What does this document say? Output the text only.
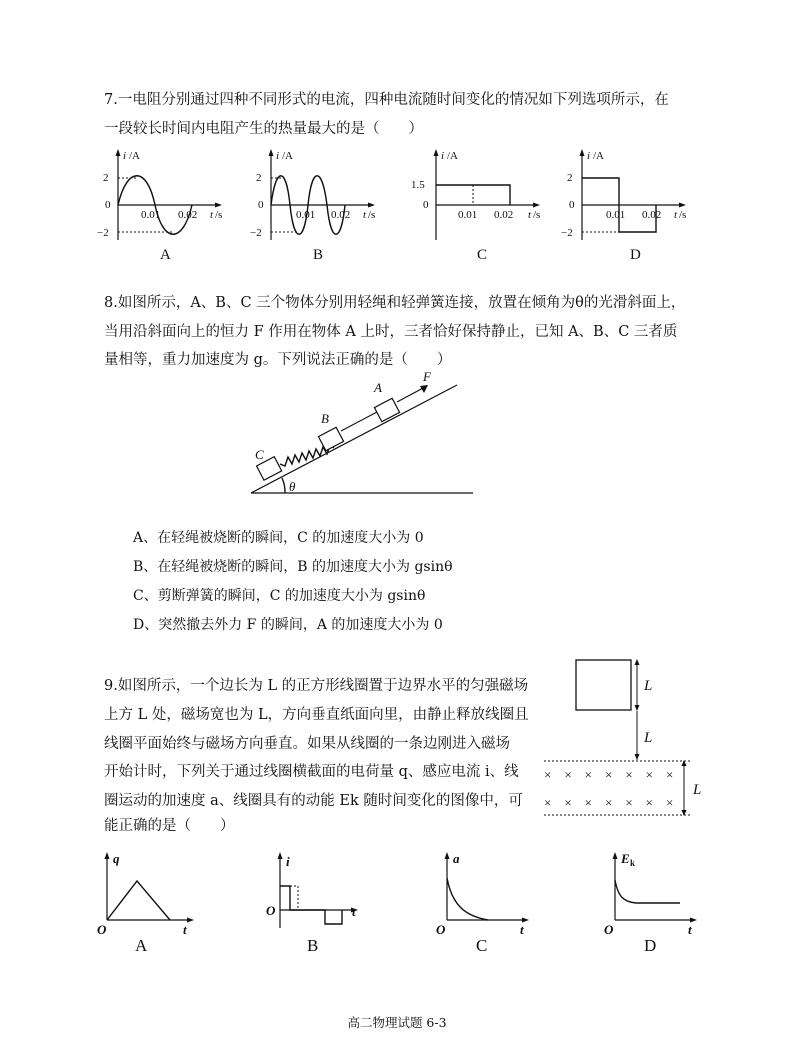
7.一电阻分别通过四种不同形式的电流，四种电流随时间变化的情况如下列选项所示，在
一段较长时间内电阻产生的热量最大的是（　　）
i /A
2
0
−2
0.01 0.02 t /s
A
i /A
2
0
−2
0.01 0.02 t /s
B
i /A
1.5
0
0.01 0.02 t /s
C
i /A
2
0
−2
0.01 0.02 t /s
D
8.如图所示，A、B、C 三个物体分别用轻绳和轻弹簧连接，放置在倾角为θ的光滑斜面上，
当用沿斜面向上的恒力 F 作用在物体 A 上时，三者恰好保持静止，已知 A、B、C 三者质
量相等，重力加速度为 g。下列说法正确的是（　　）
θ
C
B
A
F
A、在轻绳被烧断的瞬间，C 的加速度大小为 0
B、在轻绳被烧断的瞬间，B 的加速度大小为 gsinθ
C、剪断弹簧的瞬间，C 的加速度大小为 gsinθ
D、突然撤去外力 F 的瞬间，A 的加速度大小为 0
9.如图所示，一个边长为 L 的正方形线圈置于边界水平的匀强磁场
上方 L 处，磁场宽也为 L，方向垂直纸面向里，由静止释放线圈且
线圈平面始终与磁场方向垂直。如果从线圈的一条边刚进入磁场
开始计时，下列关于通过线圈横截面的电荷量 q、感应电流 i、线
圈运动的加速度 a、线圈具有的动能 Ek 随时间变化的图像中，可
能正确的是（　　）
L
L
×　×　×　×　×　×　×
×　×　×　×　×　×　×
L
q
O	t
A
i
O	t
B
a
O	t
C
E k
O	t
D
高二物理试题 6-3
